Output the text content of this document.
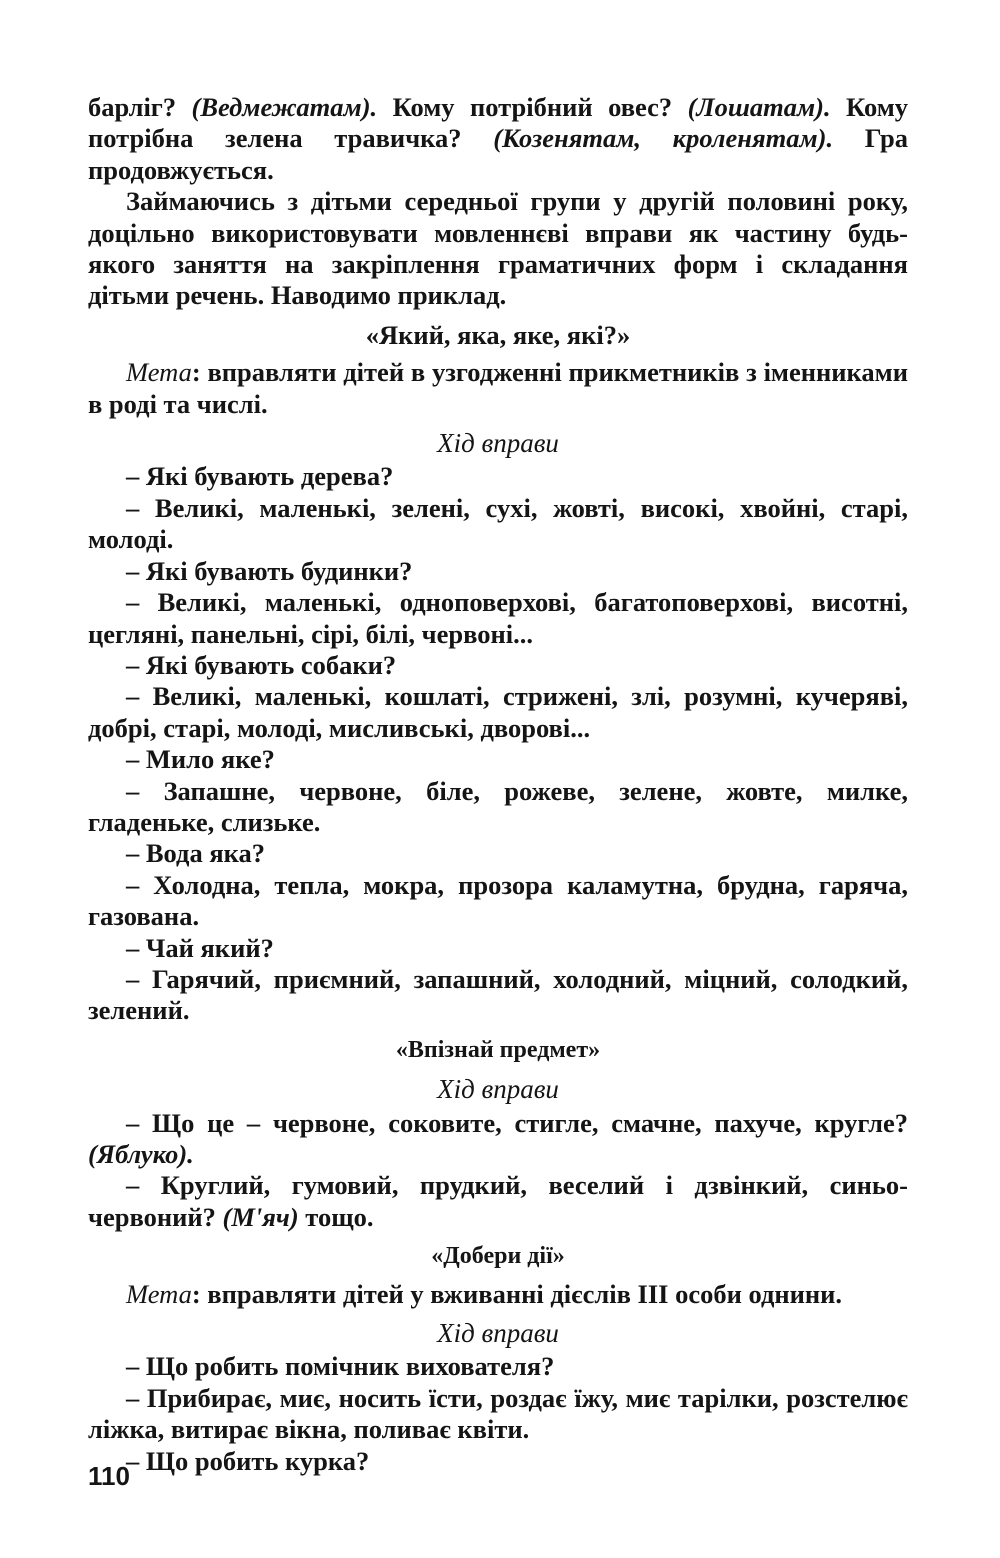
барліг? (Ведмежатам). Кому потрібний овес? (Лошатам). Кому потрібна зелена травичка? (Козенятам, кроленятам). Гра продовжується.

Займаючись з дітьми середньої групи у другій половині року, доцільно використовувати мовленнєві вправи як частину будь-якого заняття на закріплення граматичних форм і складання дітьми речень. Наводимо приклад.

«Який, яка, яке, які?»

Мета: вправляти дітей в узгодженні прикметників з іменниками в роді та числі.

Хід вправи

– Які бувають дерева?

– Великі, маленькі, зелені, сухі, жовті, високі, хвойні, старі, молоді.

– Які бувають будинки?

– Великі, маленькі, одноповерхові, багатоповерхові, висотні, цегляні, панельні, сірі, білі, червоні...

– Які бувають собаки?

– Великі, маленькі, кошлаті, стрижені, злі, розумні, кучеряві, добрі, старі, молоді, мисливські, дворові...

– Мило яке?

– Запашне, червоне, біле, рожеве, зелене, жовте, милке, гладеньке, слизьке.

– Вода яка?

– Холодна, тепла, мокра, прозора каламутна, брудна, гаряча, газована.

– Чай який?

– Гарячий, приємний, запашний, холодний, міцний, солодкий, зелений.

«Впізнай предмет»

Хід вправи

– Що це – червоне, соковите, стигле, смачне, пахуче, кругле? (Яблуко).

– Круглий, гумовий, прудкий, веселий і дзвінкий, синьо-червоний? (М'яч) тощо.

«Добери дії»

Мета: вправляти дітей у вживанні дієслів ІІІ особи однини.

Хід вправи

– Що робить помічник вихователя?

– Прибирає, миє, носить їсти, роздає їжу, миє тарілки, розстелює ліжка, витирає вікна, поливає квіти.

– Що робить курка?

110
